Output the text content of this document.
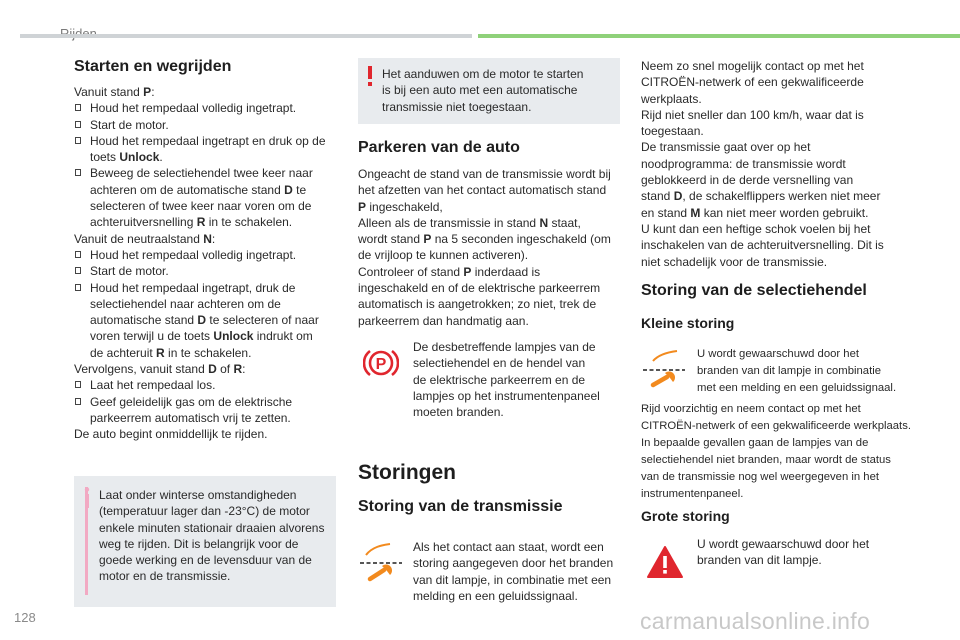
Starten en wegrijden
Vanuit stand P:
Houd het rempedaal volledig ingetrapt.
Start de motor.
Houd het rempedaal ingetrapt en druk op de
toets Unlock.
Beweeg de selectiehendel twee keer naar
achteren om de automatische stand D te
selecteren of twee keer naar voren om de
achteruitversnelling R in te schakelen.
Vanuit de neutraalstand N:
Houd het rempedaal volledig ingetrapt.
Start de motor.
Houd het rempedaal ingetrapt, druk de
selectiehendel naar achteren om de
automatische stand D te selecteren of naar
voren terwijl u de toets Unlock indrukt om
de achteruit R in te schakelen.
Vervolgens, vanuit stand D of R:
Laat het rempedaal los.
Geef geleidelijk gas om de elektrische
parkeerrem automatisch vrij te zetten.
De auto begint onmiddellijk te rijden.
Laat onder winterse omstandigheden
(temperatuur lager dan -23°C) de motor
enkele minuten stationair draaien alvorens
weg te rijden. Dit is belangrijk voor de
goede werking en de levensduur van de
motor en de transmissie.
Het aanduwen om de motor te starten
is bij een auto met een automatische
transmissie niet toegestaan.
Parkeren van de auto
Ongeacht de stand van de transmissie wordt bij
het afzetten van het contact automatisch stand
P ingeschakeld,
Alleen als de transmissie in stand N staat,
wordt stand P na 5 seconden ingeschakeld (om
de vrijloop te kunnen activeren).
Controleer of stand P inderdaad is
ingeschakeld en of de elektrische parkeerrem
automatisch is aangetrokken; zo niet, trek de
parkeerrem dan handmatig aan.
P
De desbetreffende lampjes van de
selectiehendel en de hendel van
de elektrische parkeerrem en de
lampjes op het instrumentenpaneel
moeten branden.
Storingen
Storing van de transmissie
Als het contact aan staat, wordt een
storing aangegeven door het branden
van dit lampje, in combinatie met een
melding en een geluidssignaal.
Neem zo snel mogelijk contact op met het
CITROËN-netwerk of een gekwalificeerde
werkplaats.
Rijd niet sneller dan 100 km/h, waar dat is
toegestaan.
De transmissie gaat over op het
noodprogramma: de transmissie wordt
geblokkeerd in de derde versnelling van
stand D, de schakelflippers werken niet meer
en stand M kan niet meer worden gebruikt.
U kunt dan een heftige schok voelen bij het
inschakelen van de achteruitversnelling. Dit is
niet schadelijk voor de transmissie.
Storing van de selectiehendel
Kleine storing
U wordt gewaarschuwd door het
branden van dit lampje in combinatie
met een melding en een geluidssignaal.
Rijd voorzichtig en neem contact op met het
CITROËN-netwerk of een gekwalificeerde werkplaats.
In bepaalde gevallen gaan de lampjes van de
selectiehendel niet branden, maar wordt de status
van de transmissie nog wel weergegeven in het
instrumentenpaneel.
Grote storing
U wordt gewaarschuwd door het
branden van dit lampje.
128	carmanualsonline.info
